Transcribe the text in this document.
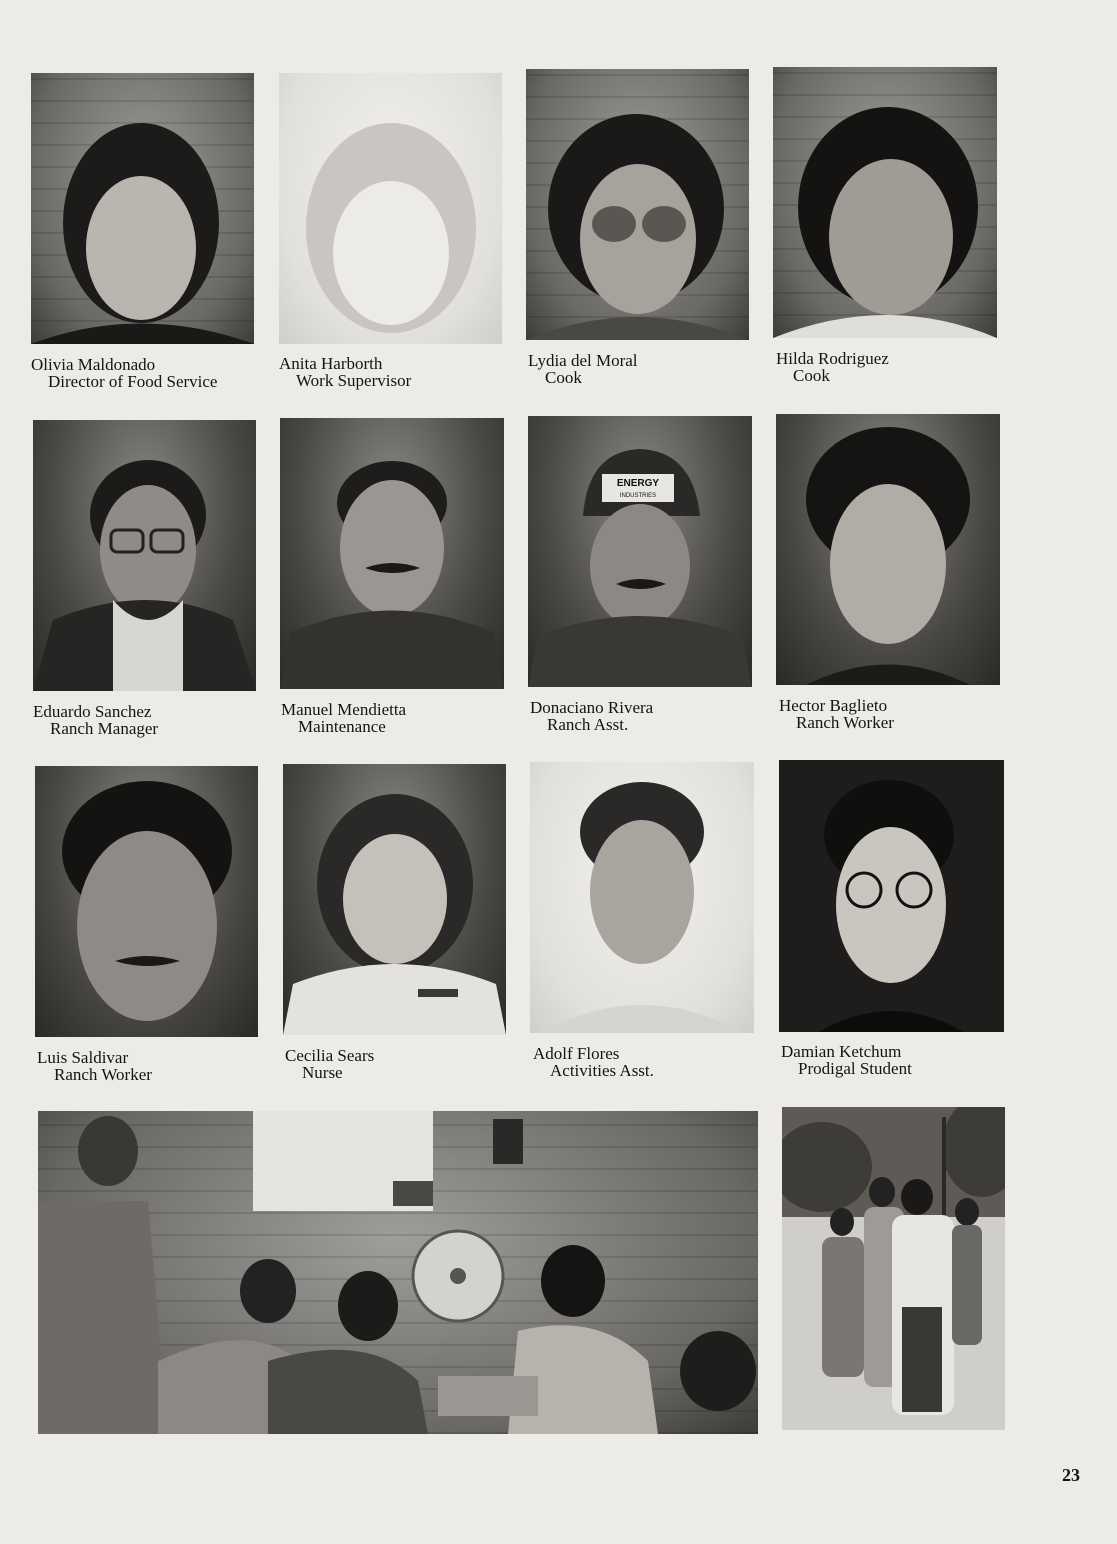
Olivia Maldonado
Director of Food Service
Anita Harborth
Work Supervisor
Lydia del Moral
Cook
Hilda Rodriguez
Cook
Eduardo Sanchez
Ranch Manager
Manuel Mendietta
Maintenance
ENERGY
INDUSTRIES
Donaciano Rivera
Ranch Asst.
Hector Baglieto
Ranch Worker
Luis Saldivar
Ranch Worker
Cecilia Sears
Nurse
Adolf Flores
Activities Asst.
Damian Ketchum
Prodigal Student
23
